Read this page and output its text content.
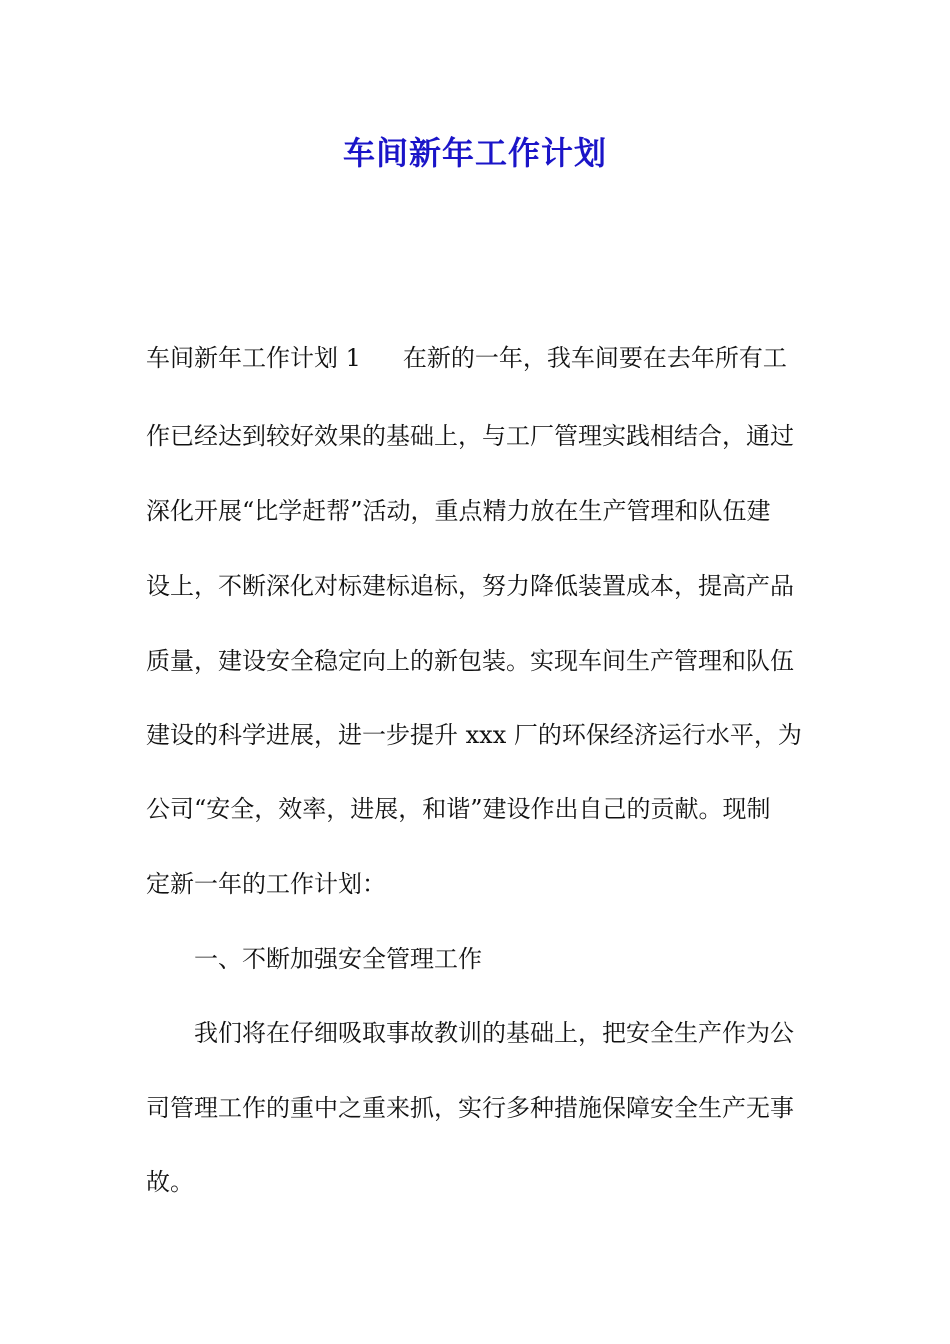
车间新年工作计划
车间新年工作计划 1 在新的一年，我车间要在去年所有工
作已经达到较好效果的基础上，与工厂管理实践相结合，通过
深化开展“比学赶帮”活动，重点精力放在生产管理和队伍建
设上，不断深化对标建标追标，努力降低装置成本，提高产品
质量，建设安全稳定向上的新包装。实现车间生产管理和队伍
建设的科学进展，进一步提升 xxx 厂的环保经济运行水平，为
公司“安全，效率，进展，和谐”建设作出自己的贡献。现制
定新一年的工作计划：
一、不断加强安全管理工作
我们将在仔细吸取事故教训的基础上，把安全生产作为公
司管理工作的重中之重来抓，实行多种措施保障安全生产无事
故。
